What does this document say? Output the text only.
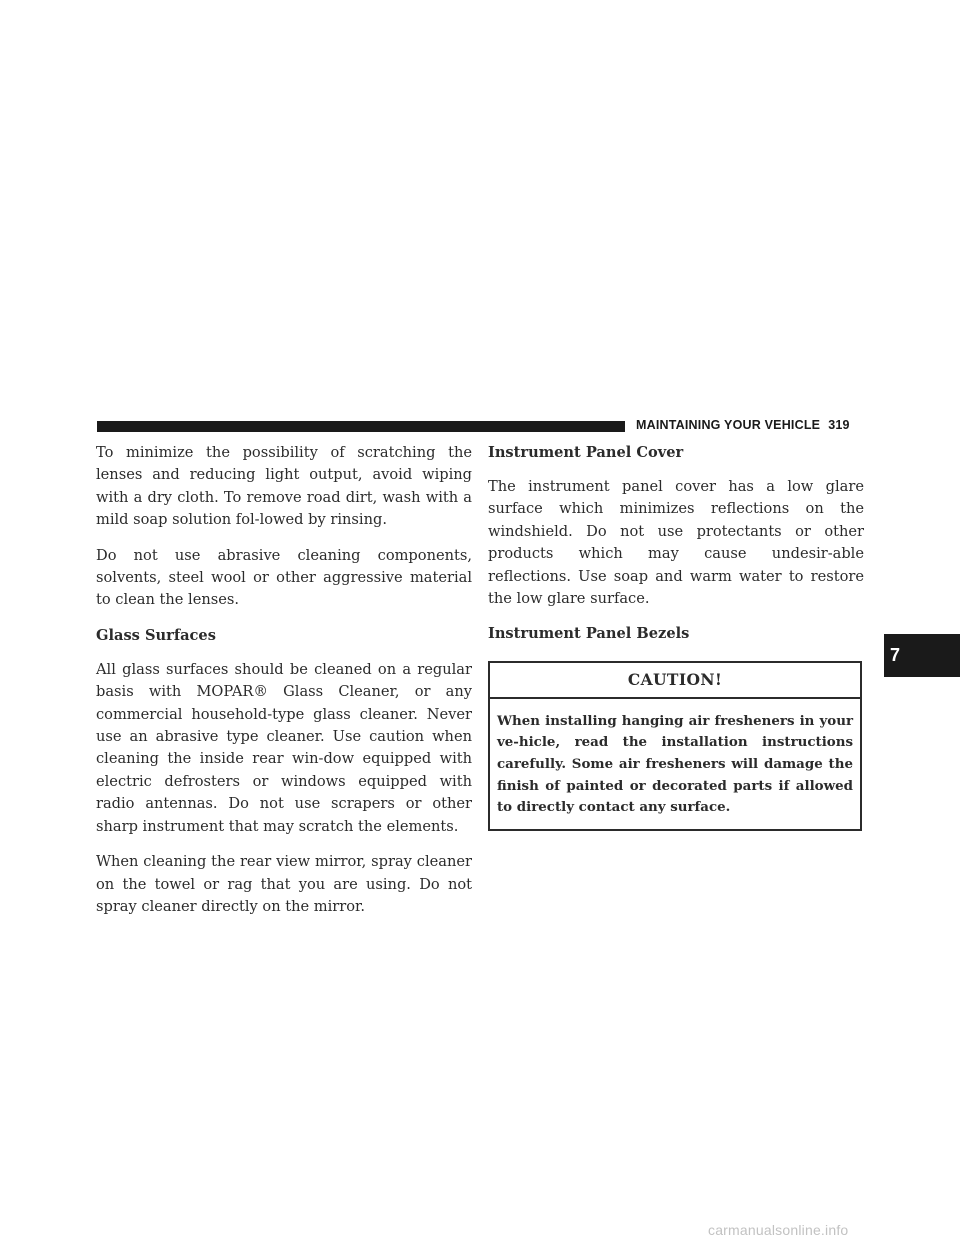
MAINTAINING YOUR VEHICLE 319

To minimize the possibility of scratching the lenses and reducing light output, avoid wiping with a dry cloth. To remove road dirt, wash with a mild soap solution fol-lowed by rinsing.

Do not use abrasive cleaning components, solvents, steel wool or other aggressive material to clean the lenses.

Glass Surfaces

All glass surfaces should be cleaned on a regular basis with MOPAR® Glass Cleaner, or any commercial household-type glass cleaner. Never use an abrasive type cleaner. Use caution when cleaning the inside rear win-dow equipped with electric defrosters or windows equipped with radio antennas. Do not use scrapers or other sharp instrument that may scratch the elements.

When cleaning the rear view mirror, spray cleaner on the towel or rag that you are using. Do not spray cleaner directly on the mirror.

Instrument Panel Cover

The instrument panel cover has a low glare surface which minimizes reflections on the windshield. Do not use protectants or other products which may cause undesir-able reflections. Use soap and warm water to restore the low glare surface.

Instrument Panel Bezels
CAUTION!
When installing hanging air fresheners in your ve-hicle, read the installation instructions carefully. Some air fresheners will damage the finish of painted or decorated parts if allowed to directly contact any surface.
7
carmanualsonline.info
